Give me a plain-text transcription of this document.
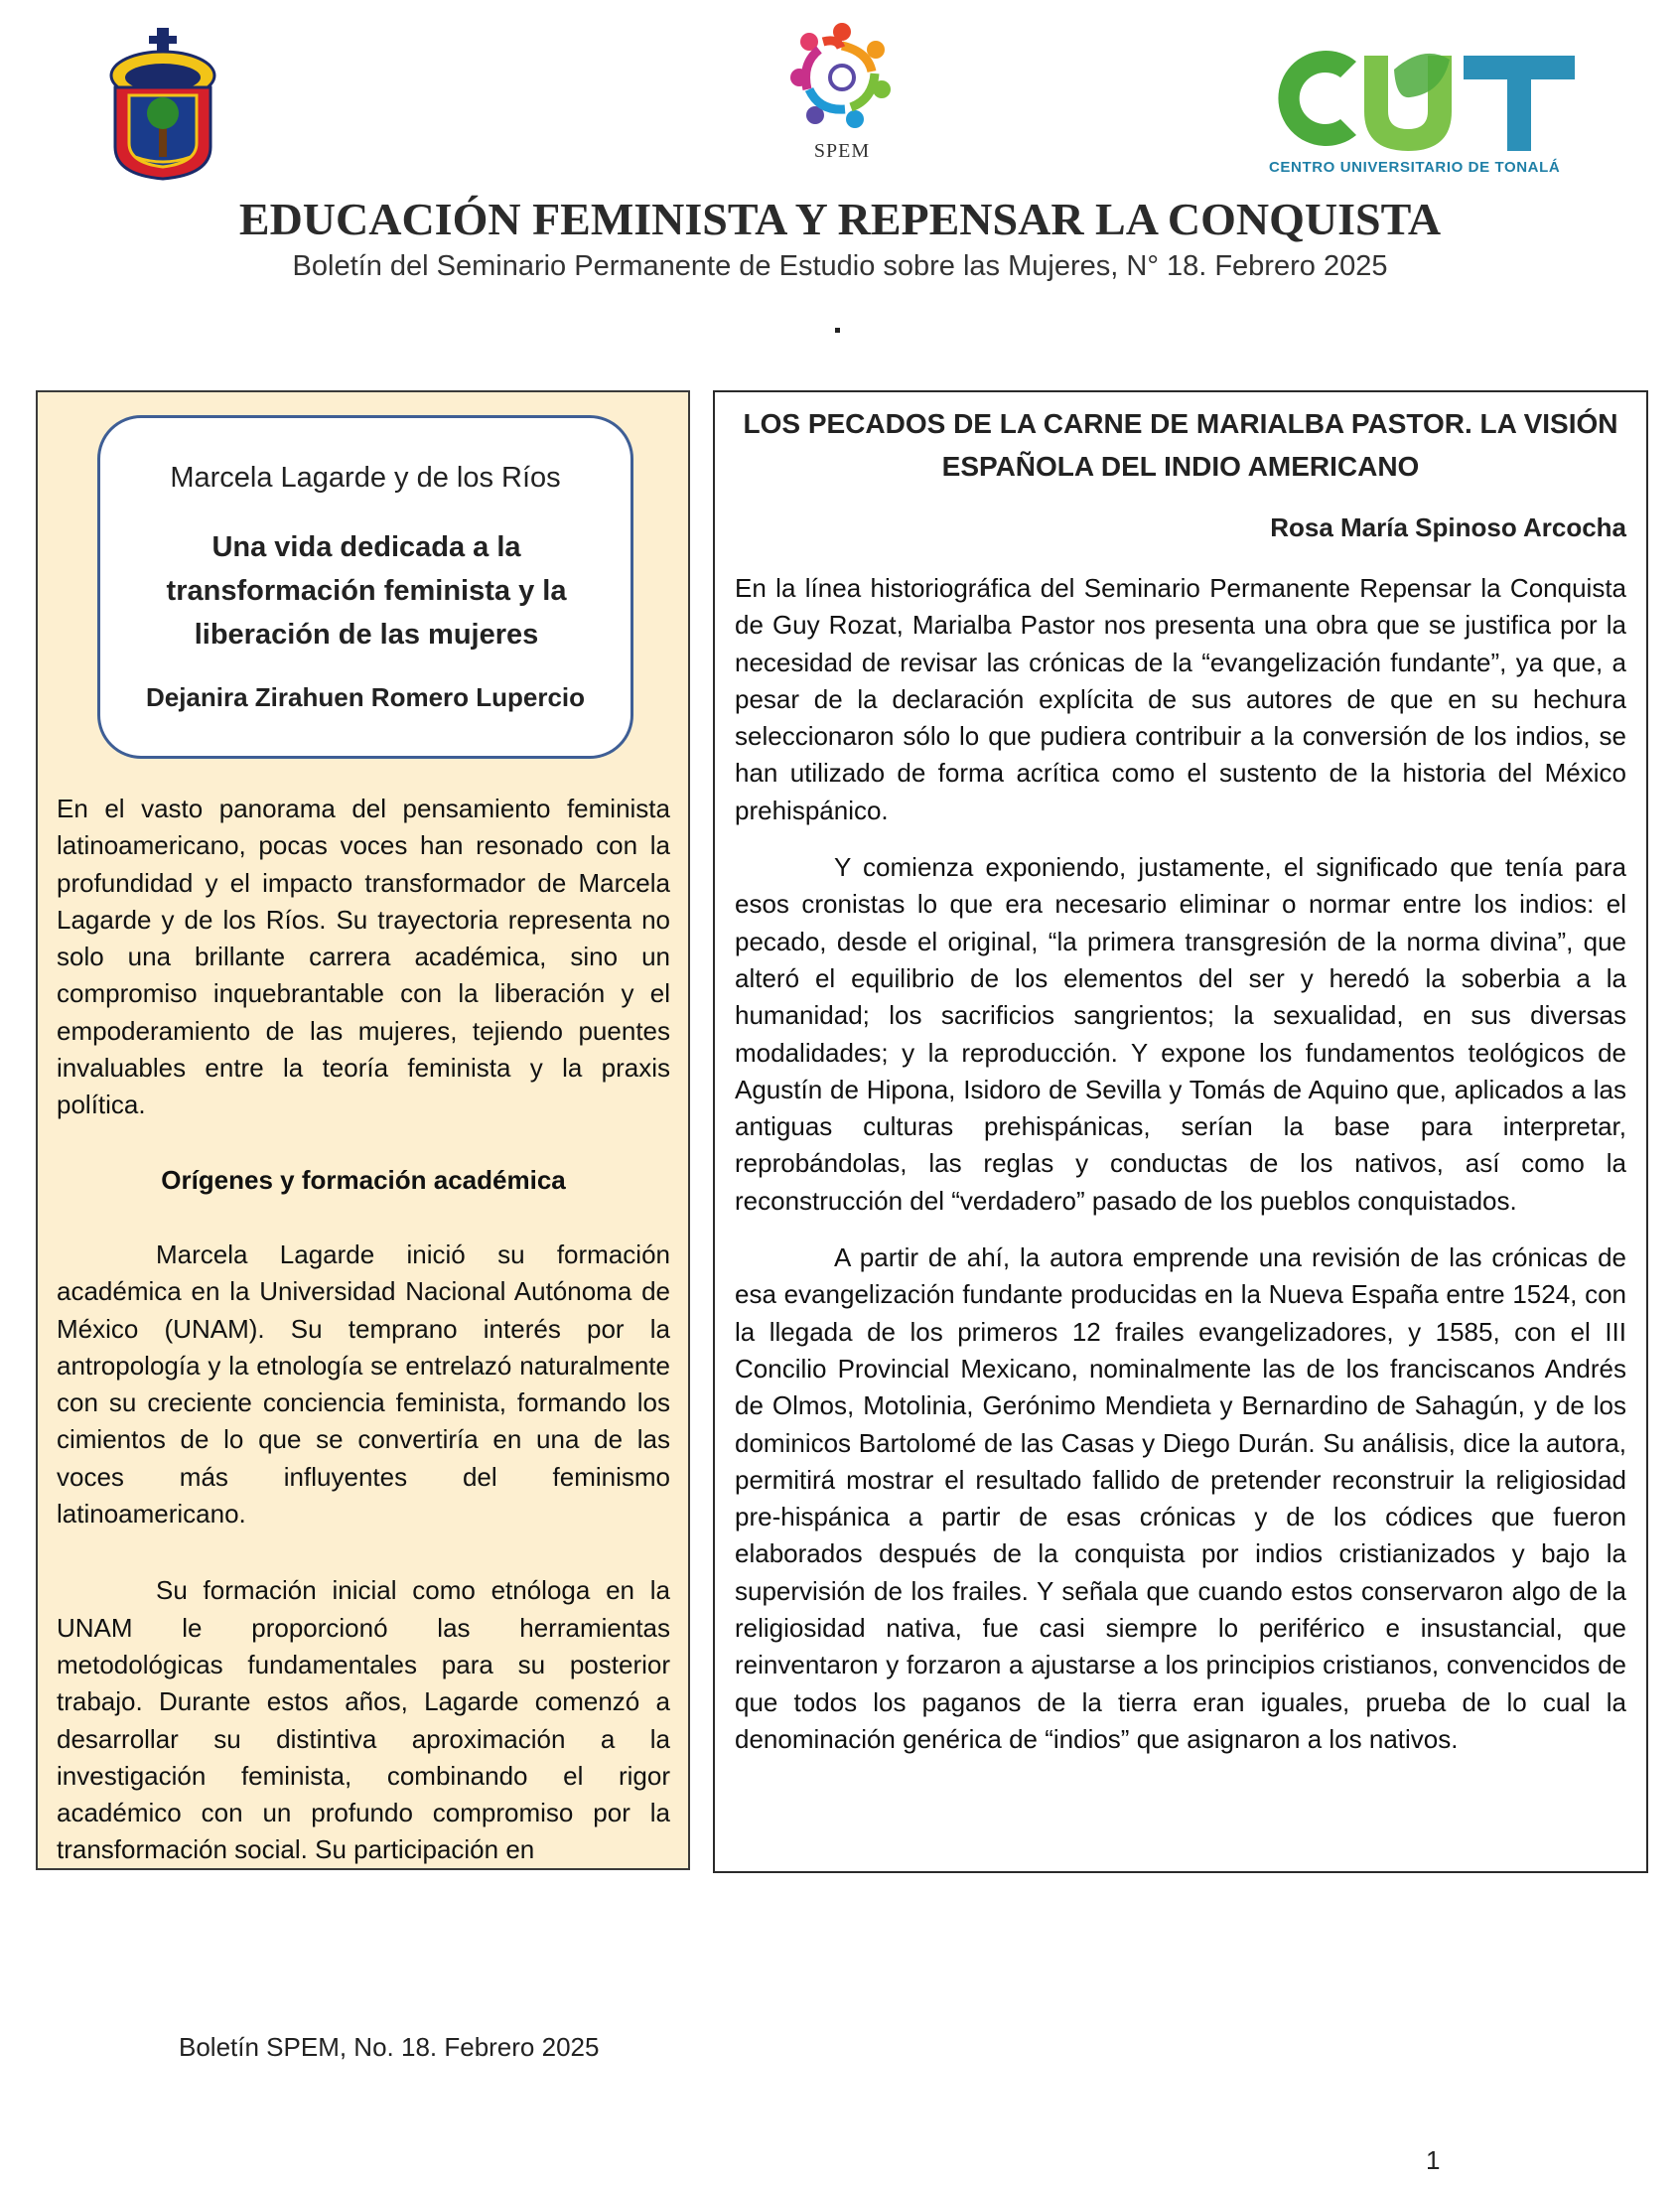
SPEM
CENTRO UNIVERSITARIO DE TONALÁ
EDUCACIÓN FEMINISTA Y REPENSAR LA CONQUISTA

Boletín del Seminario Permanente de Estudio sobre las Mujeres, N° 18. Febrero 2025

Marcela Lagarde y de los Ríos
Una vida dedicada a la transformación feminista y la liberación de las mujeres
Dejanira Zirahuen Romero Lupercio

En el vasto panorama del pensamiento feminista latinoamericano, pocas voces han resonado con la profundidad y el impacto transformador de Marcela Lagarde y de los Ríos. Su trayectoria representa no solo una brillante carrera académica, sino un compromiso inquebrantable con la liberación y el empoderamiento de las mujeres, tejiendo puentes invaluables entre la teoría feminista y la praxis política.

Orígenes y formación académica

Marcela Lagarde inició su formación académica en la Universidad Nacional Autónoma de México (UNAM). Su temprano interés por la antropología y la etnología se entrelazó naturalmente con su creciente conciencia feminista, formando los cimientos de lo que se convertiría en una de las voces más influyentes del feminismo latinoamericano.

Su formación inicial como etnóloga en la UNAM le proporcionó las herramientas metodológicas fundamentales para su posterior trabajo. Durante estos años, Lagarde comenzó a desarrollar su distintiva aproximación a la investigación feminista, combinando el rigor académico con un profundo compromiso por la transformación social. Su participación en

LOS PECADOS DE LA CARNE DE MARIALBA PASTOR. LA VISIÓN ESPAÑOLA DEL INDIO AMERICANO
Rosa María Spinoso Arcocha

En la línea historiográfica del Seminario Permanente Repensar la Conquista de Guy Rozat, Marialba Pastor nos presenta una obra que se justifica por la necesidad de revisar las crónicas de la “evangelización fundante”, ya que, a pesar de la declaración explícita de sus autores de que en su hechura seleccionaron sólo lo que pudiera contribuir a la conversión de los indios, se han utilizado de forma acrítica como el sustento de la historia del México prehispánico.

Y comienza exponiendo, justamente, el significado que tenía para esos cronistas lo que era necesario eliminar o normar entre los indios: el pecado, desde el original, “la primera transgresión de la norma divina”, que alteró el equilibrio de los elementos del ser y heredó la soberbia a la humanidad; los sacrificios sangrientos; la sexualidad, en sus diversas modalidades; y la reproducción. Y expone los fundamentos teológicos de Agustín de Hipona, Isidoro de Sevilla y Tomás de Aquino que, aplicados a las antiguas culturas prehispánicas, serían la base para interpretar, reprobándolas, las reglas y conductas de los nativos, así como la reconstrucción del “verdadero” pasado de los pueblos conquistados.

A partir de ahí, la autora emprende una revisión de las crónicas de esa evangelización fundante producidas en la Nueva España entre 1524, con la llegada de los primeros 12 frailes evangelizadores, y 1585, con el III Concilio Provincial Mexicano, nominalmente las de los franciscanos Andrés de Olmos, Motolinia, Gerónimo Mendieta y Bernardino de Sahagún, y de los dominicos Bartolomé de las Casas y Diego Durán. Su análisis, dice la autora, permitirá mostrar el resultado fallido de pretender reconstruir la religiosidad pre-hispánica a partir de esas crónicas y de los códices que fueron elaborados después de la conquista por indios cristianizados y bajo la supervisión de los frailes. Y señala que cuando estos conservaron algo de la religiosidad nativa, fue casi siempre lo periférico e insustancial, que reinventaron y forzaron a ajustarse a los principios cristianos, convencidos de que todos los paganos de la tierra eran iguales, prueba de lo cual la denominación genérica de “indios” que asignaron a los nativos.

Boletín SPEM, No. 18. Febrero 2025
1
